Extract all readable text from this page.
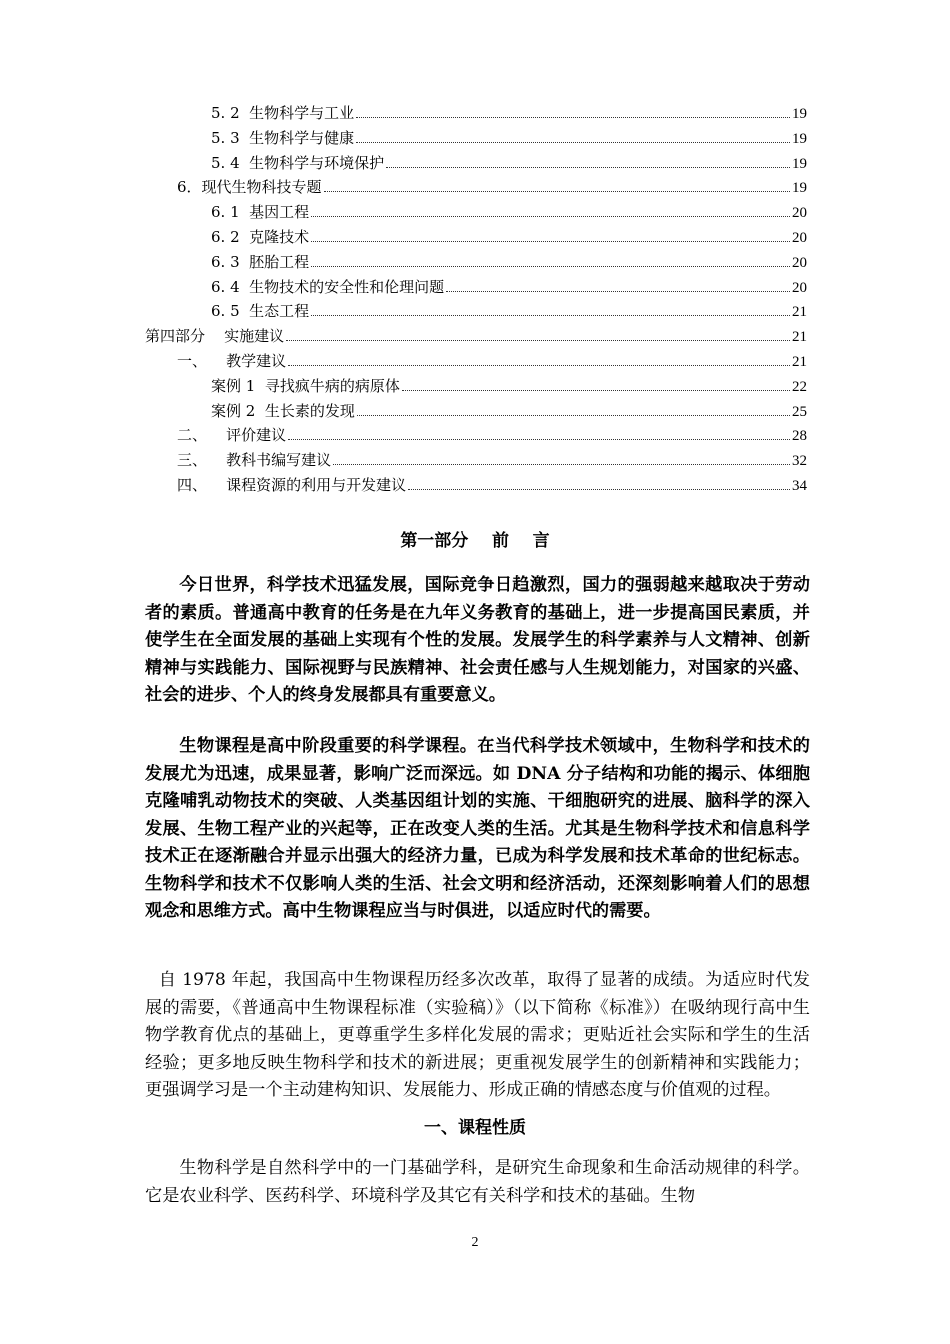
5. 2  生物科学与工业	19
5. 3  生物科学与健康	19
5. 4  生物科学与环境保护	19
6．现代生物科技专题	19
6. 1  基因工程	20
6. 2  克隆技术	20
6. 3  胚胎工程	20
6. 4  生物技术的安全性和伦理问题	20
6. 5  生态工程	21
第四部分    实施建议	21
一、    教学建议	21
案例 1  寻找疯牛病的病原体	22
案例 2  生长素的发现	25
二、    评价建议	28
三、    教科书编写建议	32
四、    课程资源的利用与开发建议	34
第一部分    前    言

今日世界，科学技术迅猛发展，国际竞争日趋激烈，国力的强弱越来越取决于劳动者的素质。普通高中教育的任务是在九年义务教育的基础上，进一步提高国民素质，并使学生在全面发展的基础上实现有个性的发展。发展学生的科学素养与人文精神、创新精神与实践能力、国际视野与民族精神、社会责任感与人生规划能力，对国家的兴盛、社会的进步、个人的终身发展都具有重要意义。

生物课程是高中阶段重要的科学课程。在当代科学技术领域中，生物科学和技术的发展尤为迅速，成果显著，影响广泛而深远。如 DNA 分子结构和功能的揭示、体细胞克隆哺乳动物技术的突破、人类基因组计划的实施、干细胞研究的进展、脑科学的深入发展、生物工程产业的兴起等，正在改变人类的生活。尤其是生物科学技术和信息科学技术正在逐渐融合并显示出强大的经济力量，已成为科学发展和技术革命的世纪标志。生物科学和技术不仅影响人类的生活、社会文明和经济活动，还深刻影响着人们的思想观念和思维方式。高中生物课程应当与时俱进，以适应时代的需要。

自 1978 年起，我国高中生物课程历经多次改革，取得了显著的成绩。为适应时代发展的需要，《普通高中生物课程标准（实验稿）》（以下简称《标准》）在吸纳现行高中生物学教育优点的基础上，更尊重学生多样化发展的需求；更贴近社会实际和学生的生活经验；更多地反映生物科学和技术的新进展；更重视发展学生的创新精神和实践能力；更强调学习是一个主动建构知识、发展能力、形成正确的情感态度与价值观的过程。

一、课程性质

生物科学是自然科学中的一门基础学科，是研究生命现象和生命活动规律的科学。它是农业科学、医药科学、环境科学及其它有关科学和技术的基础。生物

2
